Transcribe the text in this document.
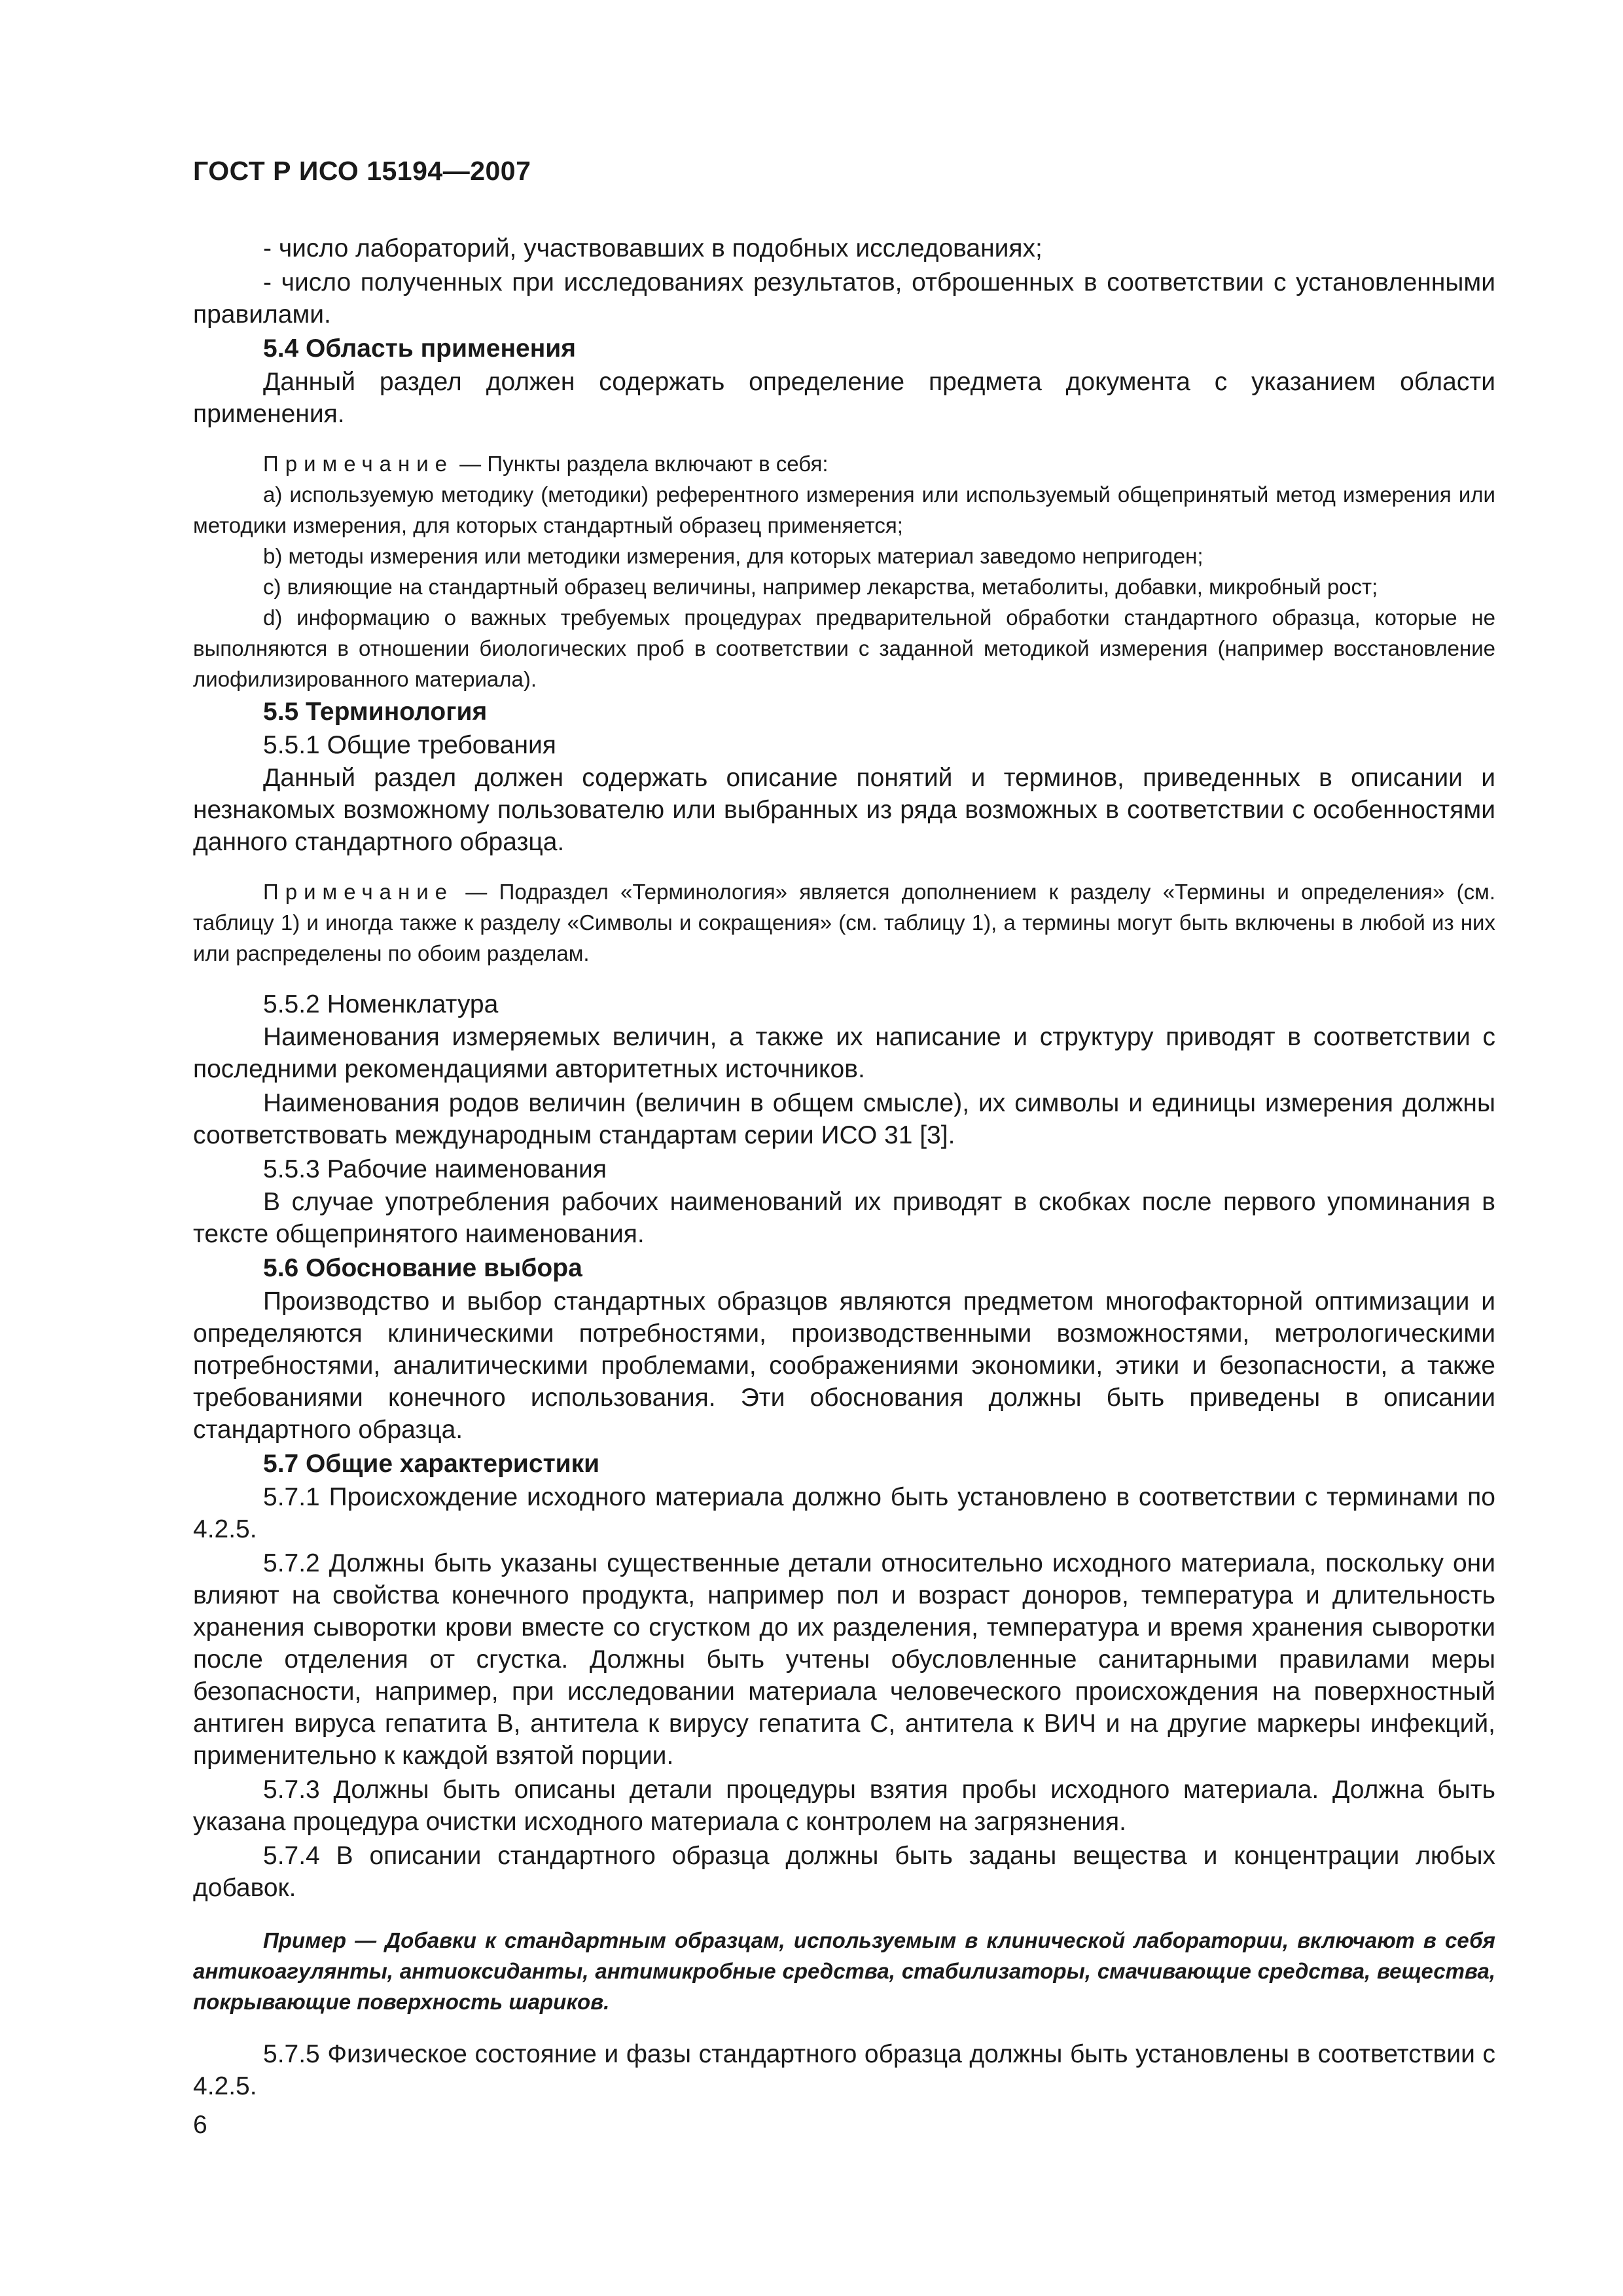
ГОСТ Р ИСО 15194—2007

- число лабораторий, участвовавших в подобных исследованиях;

- число полученных при исследованиях результатов, отброшенных в соответствии с установленными правилами.

5.4 Область применения

Данный раздел должен содержать определение предмета документа с указанием области применения.

Примечание — Пункты раздела включают в себя:

a) используемую методику (методики) референтного измерения или используемый общепринятый метод измерения или методики измерения, для которых стандартный образец применяется;

b) методы измерения или методики измерения, для которых материал заведомо непригоден;

c) влияющие на стандартный образец величины, например лекарства, метаболиты, добавки, микробный рост;

d) информацию о важных требуемых процедурах предварительной обработки стандартного образца, которые не выполняются в отношении биологических проб в соответствии с заданной методикой измерения (например восстановление лиофилизированного материала).

5.5 Терминология
5.5.1 Общие требования

Данный раздел должен содержать описание понятий и терминов, приведенных в описании и незнакомых возможному пользователю или выбранных из ряда возможных в соответствии с особенностями данного стандартного образца.

Примечание — Подраздел «Терминология» является дополнением к разделу «Термины и определения» (см. таблицу 1) и иногда также к разделу «Символы и сокращения» (см. таблицу 1), а термины могут быть включены в любой из них или распределены по обоим разделам.

5.5.2 Номенклатура

Наименования измеряемых величин, а также их написание и структуру приводят в соответствии с последними рекомендациями авторитетных источников.

Наименования родов величин (величин в общем смысле), их символы и единицы измерения должны соответствовать международным стандартам серии ИСО 31 [3].

5.5.3 Рабочие наименования

В случае употребления рабочих наименований их приводят в скобках после первого упоминания в тексте общепринятого наименования.

5.6 Обоснование выбора

Производство и выбор стандартных образцов являются предметом многофакторной оптимизации и определяются клиническими потребностями, производственными возможностями, метрологическими потребностями, аналитическими проблемами, соображениями экономики, этики и безопасности, а также требованиями конечного использования. Эти обоснования должны быть приведены в описании стандартного образца.

5.7 Общие характеристики

5.7.1 Происхождение исходного материала должно быть установлено в соответствии с терминами по 4.2.5.

5.7.2 Должны быть указаны существенные детали относительно исходного материала, поскольку они влияют на свойства конечного продукта, например пол и возраст доноров, температура и длительность хранения сыворотки крови вместе со сгустком до их разделения, температура и время хранения сыворотки после отделения от сгустка. Должны быть учтены обусловленные санитарными правилами меры безопасности, например, при исследовании материала человеческого происхождения на поверхностный антиген вируса гепатита В, антитела к вирусу гепатита С, антитела к ВИЧ и на другие маркеры инфекций, применительно к каждой взятой порции.

5.7.3 Должны быть описаны детали процедуры взятия пробы исходного материала. Должна быть указана процедура очистки исходного материала с контролем на загрязнения.

5.7.4 В описании стандартного образца должны быть заданы вещества и концентрации любых добавок.

Пример — Добавки к стандартным образцам, используемым в клинической лаборатории, включают в себя антикоагулянты, антиоксиданты, антимикробные средства, стабилизаторы, смачивающие средства, вещества, покрывающие поверхность шариков.

5.7.5 Физическое состояние и фазы стандартного образца должны быть установлены в соответствии с 4.2.5.

6
